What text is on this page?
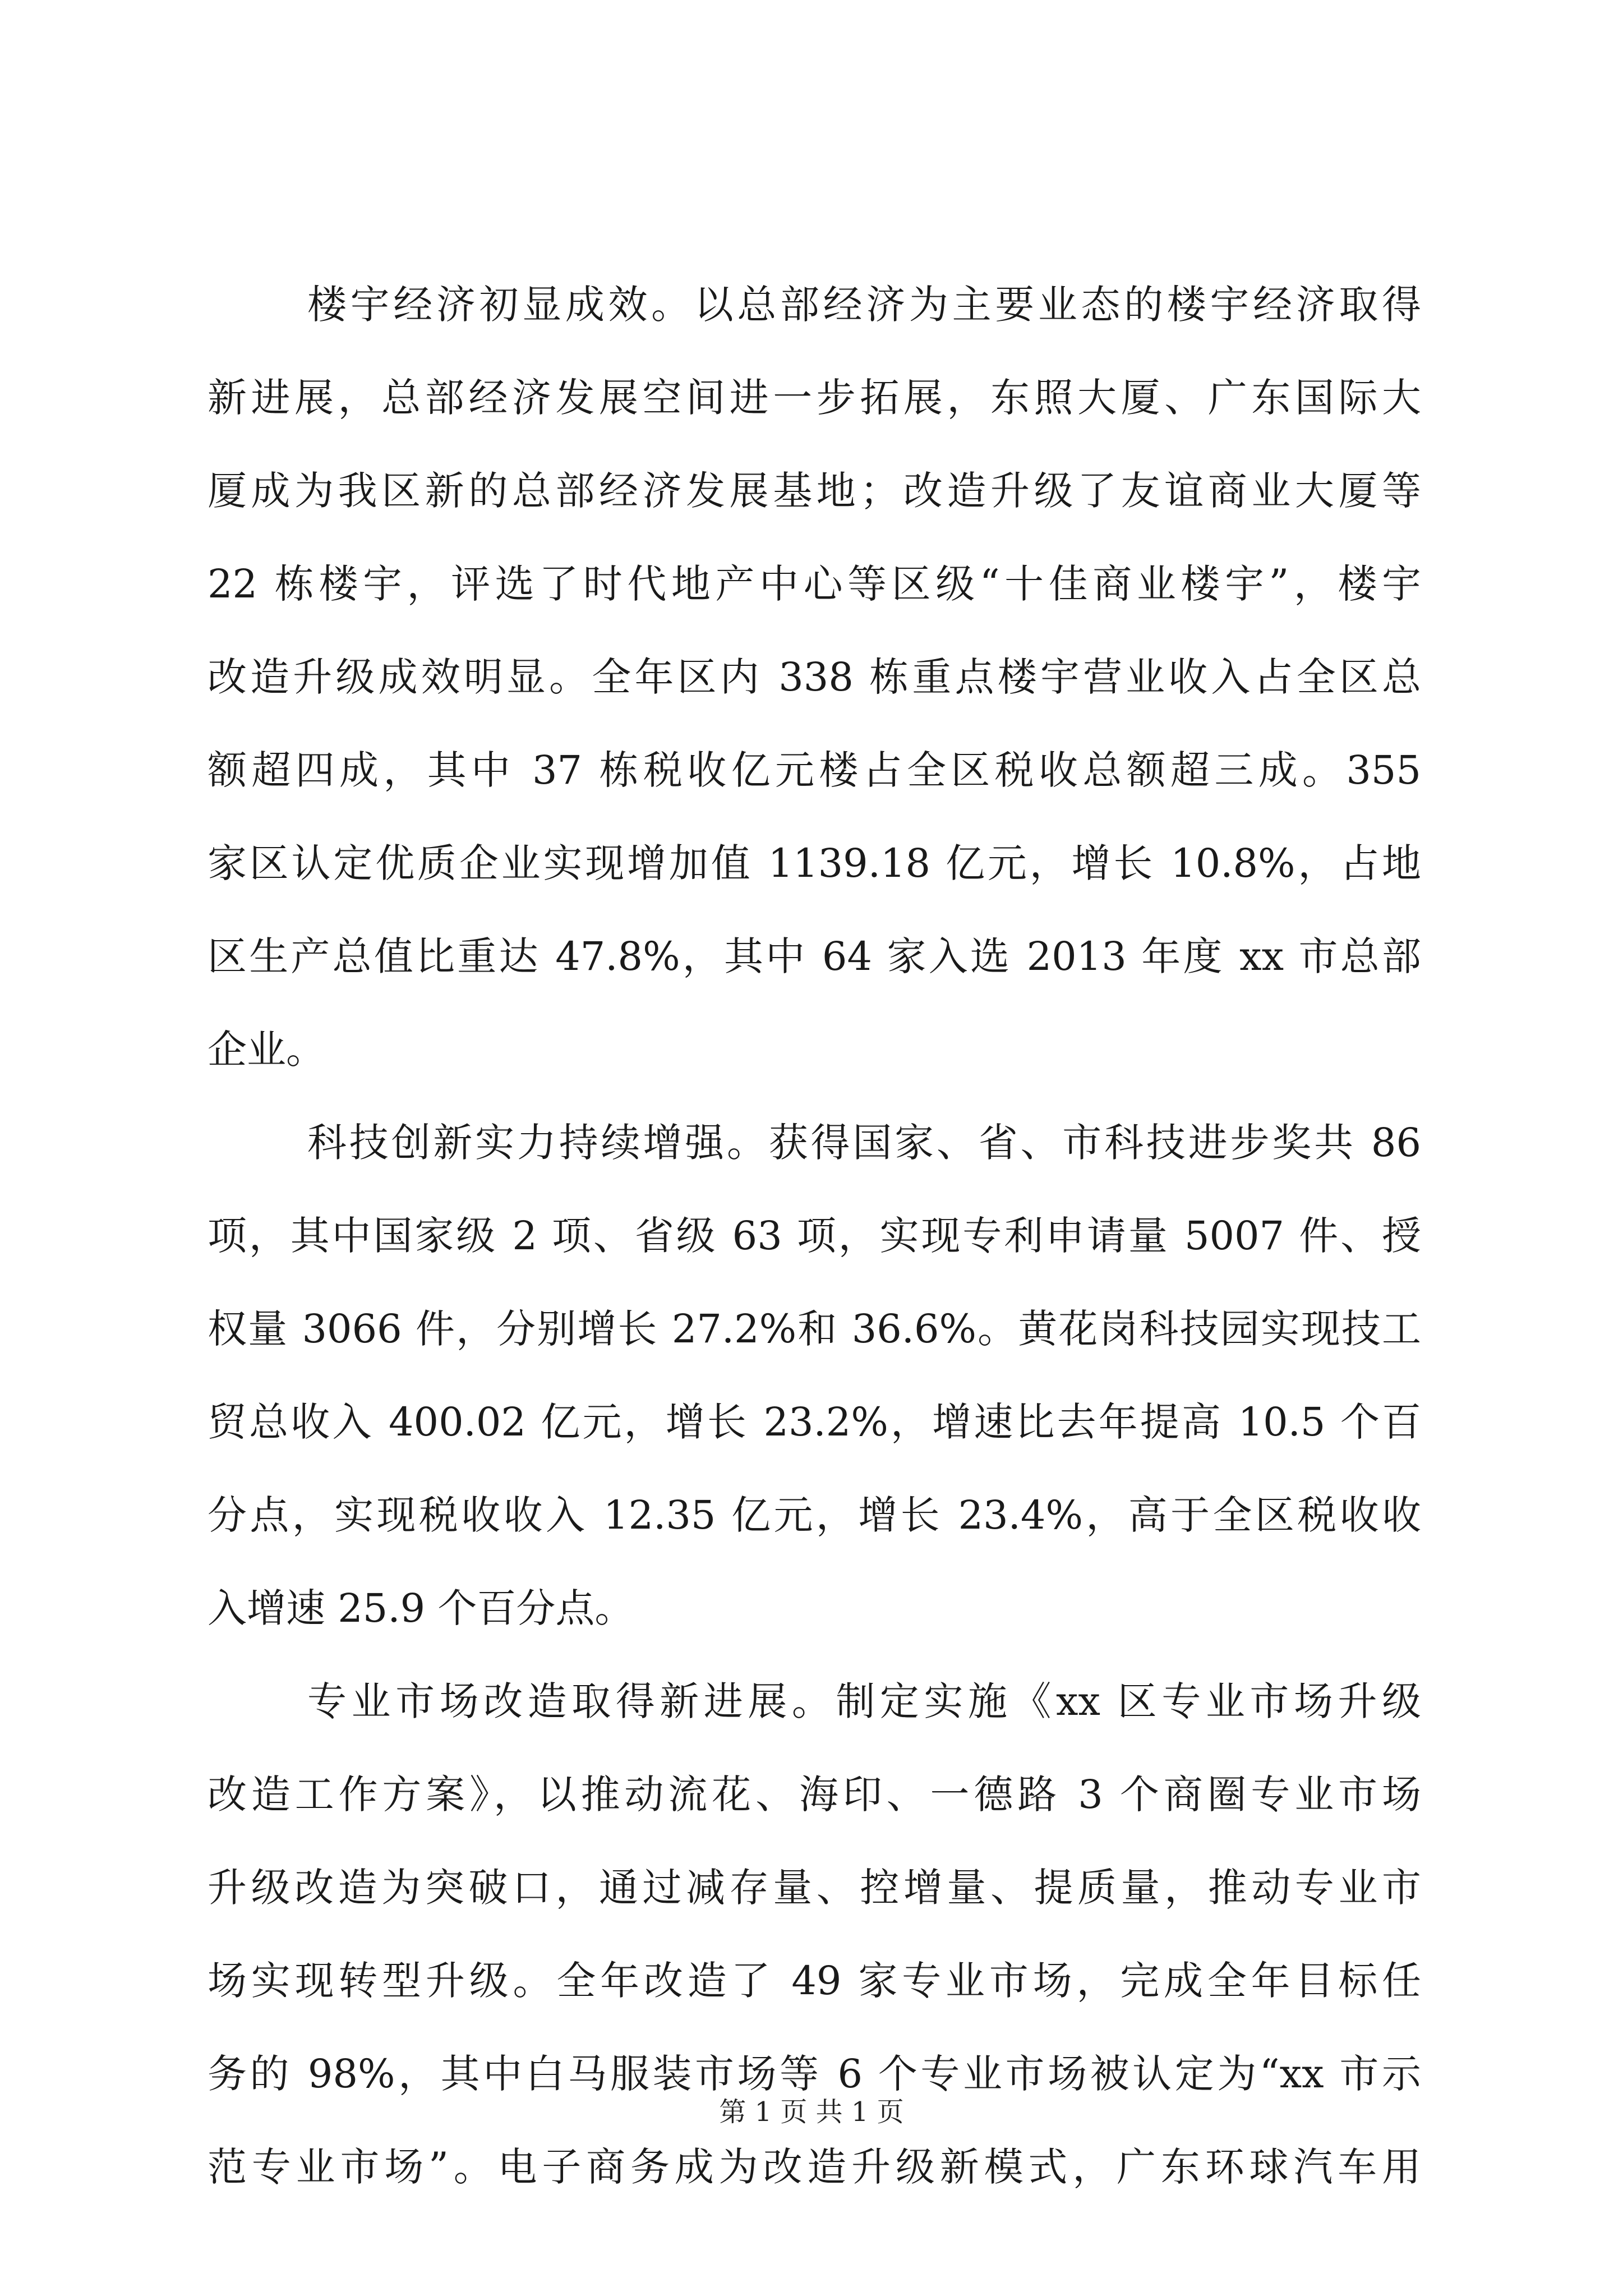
楼宇经济初显成效。以总部经济为主要业态的楼宇经济取得
新进展，总部经济发展空间进一步拓展，东照大厦、广东国际大
厦成为我区新的总部经济发展基地；改造升级了友谊商业大厦等
22 栋楼宇，评选了时代地产中心等区级“十佳商业楼宇”，楼宇
改造升级成效明显。全年区内 338 栋重点楼宇营业收入占全区总
额超四成，其中 37 栋税收亿元楼占全区税收总额超三成。355
家区认定优质企业实现增加值 1139.18 亿元，增长 10.8%，占地
区生产总值比重达 47.8%，其中 64 家入选 2013 年度 xx 市总部
企业。
科技创新实力持续增强。获得国家、省、市科技进步奖共 86
项，其中国家级 2 项、省级 63 项，实现专利申请量 5007 件、授
权量 3066 件，分别增长 27.2%和 36.6%。黄花岗科技园实现技工
贸总收入 400.02 亿元，增长 23.2%，增速比去年提高 10.5 个百
分点，实现税收收入 12.35 亿元，增长 23.4%，高于全区税收收
入增速 25.9 个百分点。
专业市场改造取得新进展。制定实施《xx 区专业市场升级
改造工作方案》，以推动流花、海印、一德路 3 个商圈专业市场
升级改造为突破口，通过减存量、控增量、提质量，推动专业市
场实现转型升级。全年改造了 49 家专业市场，完成全年目标任
务的 98%，其中白马服装市场等 6 个专业市场被认定为“xx 市示
范专业市场”。电子商务成为改造升级新模式，广东环球汽车用
第 1 页 共 1 页
